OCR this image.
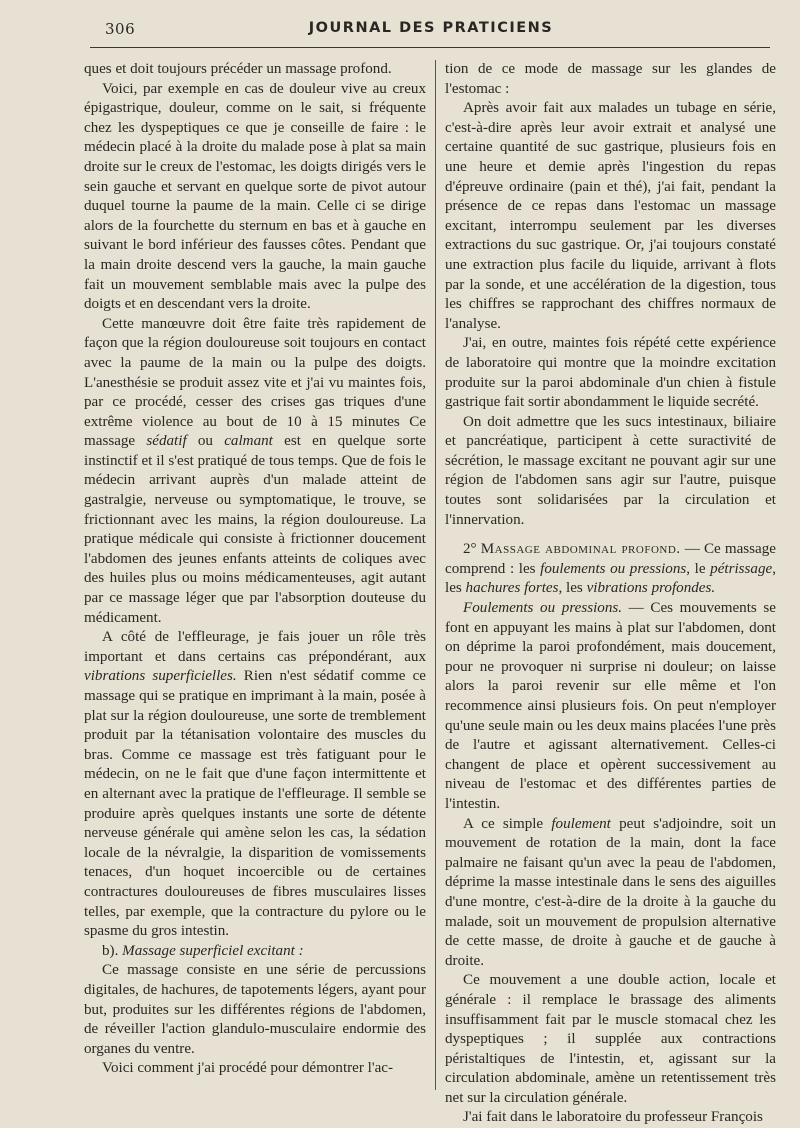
306	JOURNAL DES PRATICIENS

ques et doit toujours précéder un massage profond.

Voici, par exemple en cas de douleur vive au creux épigastrique, douleur, comme on le sait, si fréquente chez les dyspeptiques ce que je conseille de faire : le médecin placé à la droite du malade pose à plat sa main droite sur le creux de l'estomac, les doigts dirigés vers le sein gauche et servant en quelque sorte de pivot autour duquel tourne la paume de la main. Celle ci se dirige alors de la fourchette du sternum en bas et à gauche en suivant le bord inférieur des fausses côtes. Pendant que la main droite descend vers la gauche, la main gauche fait un mouvement semblable mais avec la pulpe des doigts et en descendant vers la droite.

Cette manœuvre doit être faite très rapidement de façon que la région douloureuse soit toujours en contact avec la paume de la main ou la pulpe des doigts. L'anesthésie se produit assez vite et j'ai vu maintes fois, par ce procédé, cesser des crises gas triques d'une extrême violence au bout de 10 à 15 minutes Ce massage sédatif ou calmant est en quelque sorte instinctif et il s'est pratiqué de tous temps. Que de fois le médecin arrivant auprès d'un malade atteint de gastralgie, nerveuse ou symptomatique, le trouve, se frictionnant avec les mains, la région douloureuse. La pratique médicale qui consiste à frictionner doucement l'abdomen des jeunes enfants atteints de coliques avec des huiles plus ou moins médicamenteuses, agit autant par ce massage léger que par l'absorption douteuse du médicament.

A côté de l'effleurage, je fais jouer un rôle très important et dans certains cas prépondérant, aux vibrations superficielles. Rien n'est sédatif comme ce massage qui se pratique en imprimant à la main, posée à plat sur la région douloureuse, une sorte de tremblement produit par la tétanisation volontaire des muscles du bras. Comme ce massage est très fatiguant pour le médecin, on ne le fait que d'une façon intermittente et en alternant avec la pratique de l'effleurage. Il semble se produire après quelques instants une sorte de détente nerveuse générale qui amène selon les cas, la sédation locale de la névralgie, la disparition de vomissements tenaces, d'un hoquet incoercible ou de certaines contractures douloureuses de fibres musculaires lisses telles, par exemple, que la contracture du pylore ou le spasme du gros intestin.

b). Massage superficiel excitant :

Ce massage consiste en une série de percussions digitales, de hachures, de tapotements légers, ayant pour but, produites sur les différentes régions de l'abdomen, de réveiller l'action glandulo-musculaire endormie des organes du ventre.

Voici comment j'ai procédé pour démontrer l'ac-

tion de ce mode de massage sur les glandes de l'estomac :

Après avoir fait aux malades un tubage en série, c'est-à-dire après leur avoir extrait et analysé une certaine quantité de suc gastrique, plusieurs fois en une heure et demie après l'ingestion du repas d'épreuve ordinaire (pain et thé), j'ai fait, pendant la présence de ce repas dans l'estomac un massage excitant, interrompu seulement par les diverses extractions du suc gastrique. Or, j'ai toujours constaté une extraction plus facile du liquide, arrivant à flots par la sonde, et une accélération de la digestion, tous les chiffres se rapprochant des chiffres normaux de l'analyse.

J'ai, en outre, maintes fois répété cette expérience de laboratoire qui montre que la moindre excitation produite sur la paroi abdominale d'un chien à fistule gastrique fait sortir abondamment le liquide secrété.

On doit admettre que les sucs intestinaux, biliaire et pancréatique, participent à cette suractivité de sécrétion, le massage excitant ne pouvant agir sur une région de l'abdomen sans agir sur l'autre, puisque toutes sont solidarisées par la circulation et l'innervation.

2° Massage abdominal profond. — Ce massage comprend : les foulements ou pressions, le pétrissage, les hachures fortes, les vibrations profondes.

Foulements ou pressions. — Ces mouvements se font en appuyant les mains à plat sur l'abdomen, dont on déprime la paroi profondément, mais doucement, pour ne provoquer ni surprise ni douleur; on laisse alors la paroi revenir sur elle même et l'on recommence ainsi plusieurs fois. On peut n'employer qu'une seule main ou les deux mains placées l'une près de l'autre et agissant alternativement. Celles-ci changent de place et opèrent successivement au niveau de l'estomac et des différentes parties de l'intestin.

A ce simple foulement peut s'adjoindre, soit un mouvement de rotation de la main, dont la face palmaire ne faisant qu'un avec la peau de l'abdomen, déprime la masse intestinale dans le sens des aiguilles d'une montre, c'est-à-dire de la droite à la gauche du malade, soit un mouvement de propulsion alternative de cette masse, de droite à gauche et de gauche à droite.

Ce mouvement a une double action, locale et générale : il remplace le brassage des aliments insuffisamment fait par le muscle stomacal chez les dyspeptiques ; il supplée aux contractions péristaltiques de l'intestin, et, agissant sur la circulation abdominale, amène un retentissement très net sur la circulation générale.

J'ai fait dans le laboratoire du professeur François
